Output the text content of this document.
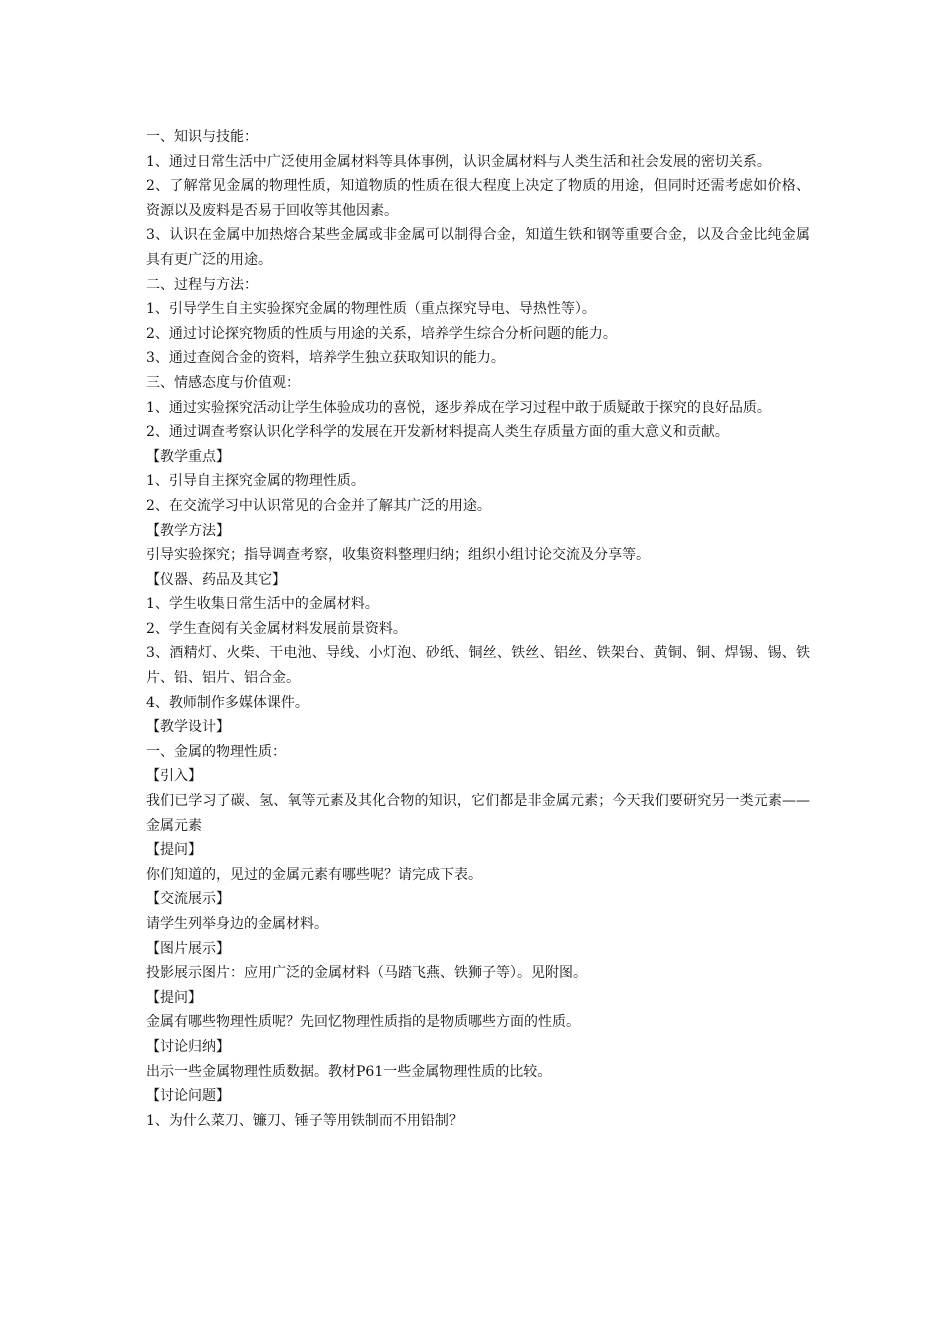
一、知识与技能：

1、通过日常生活中广泛使用金属材料等具体事例，认识金属材料与人类生活和社会发展的密切关系。

2、了解常见金属的物理性质，知道物质的性质在很大程度上决定了物质的用途，但同时还需考虑如价格、资源以及废料是否易于回收等其他因素。

3、认识在金属中加热熔合某些金属或非金属可以制得合金，知道生铁和钢等重要合金，以及合金比纯金属具有更广泛的用途。

二、过程与方法：

1、引导学生自主实验探究金属的物理性质（重点探究导电、导热性等）。

2、通过讨论探究物质的性质与用途的关系，培养学生综合分析问题的能力。

3、通过查阅合金的资料，培养学生独立获取知识的能力。

三、情感态度与价值观：

1、通过实验探究活动让学生体验成功的喜悦，逐步养成在学习过程中敢于质疑敢于探究的良好品质。

2、通过调查考察认识化学科学的发展在开发新材料提高人类生存质量方面的重大意义和贡献。

【教学重点】

1、引导自主探究金属的物理性质。

2、在交流学习中认识常见的合金并了解其广泛的用途。

【教学方法】

引导实验探究；指导调查考察，收集资料整理归纳；组织小组讨论交流及分享等。

【仪器、药品及其它】

1、学生收集日常生活中的金属材料。

2、学生查阅有关金属材料发展前景资料。

3、酒精灯、火柴、干电池、导线、小灯泡、砂纸、铜丝、铁丝、铝丝、铁架台、黄铜、铜、焊锡、锡、铁片、铅、铝片、铝合金。

4、教师制作多媒体课件。

【教学设计】

一、金属的物理性质：

【引入】

我们已学习了碳、氢、氧等元素及其化合物的知识，它们都是非金属元素；今天我们要研究另一类元素——金属元素

【提问】

你们知道的，见过的金属元素有哪些呢？请完成下表。

【交流展示】

请学生列举身边的金属材料。

【图片展示】

投影展示图片：应用广泛的金属材料（马踏飞燕、铁狮子等）。见附图。

【提问】

金属有哪些物理性质呢？先回忆物理性质指的是物质哪些方面的性质。

【讨论归纳】

出示一些金属物理性质数据。教材P61一些金属物理性质的比较。

【讨论问题】

1、为什么菜刀、镰刀、锤子等用铁制而不用铅制？
